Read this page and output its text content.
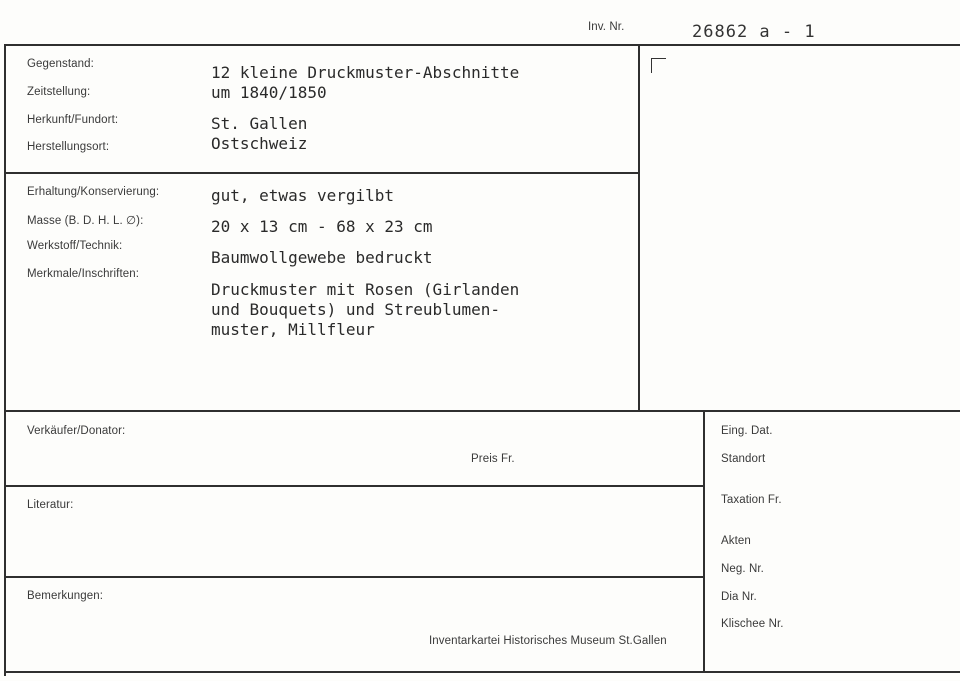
Inv. Nr.	26862 a - 1
Gegenstand:
Zeitstellung:
Herkunft/Fundort:
Herstellungsort:
12 kleine Druckmuster-Abschnitte
um 1840/1850
St. Gallen
Ostschweiz
Erhaltung/Konservierung:
Masse (B. D. H. L. ∅):
Werkstoff/Technik:
Merkmale/Inschriften:
gut, etwas vergilbt
20 x 13 cm - 68 x 23 cm
Baumwollgewebe bedruckt
Druckmuster mit Rosen (Girlanden
und Bouquets) und Streublumen-
muster, Millfleur
Verkäufer/Donator:
Preis Fr.
Literatur:
Bemerkungen:
Inventarkartei Historisches Museum St.Gallen
Eing. Dat.
Standort
Taxation Fr.
Akten
Neg. Nr.
Dia Nr.
Klischee Nr.
